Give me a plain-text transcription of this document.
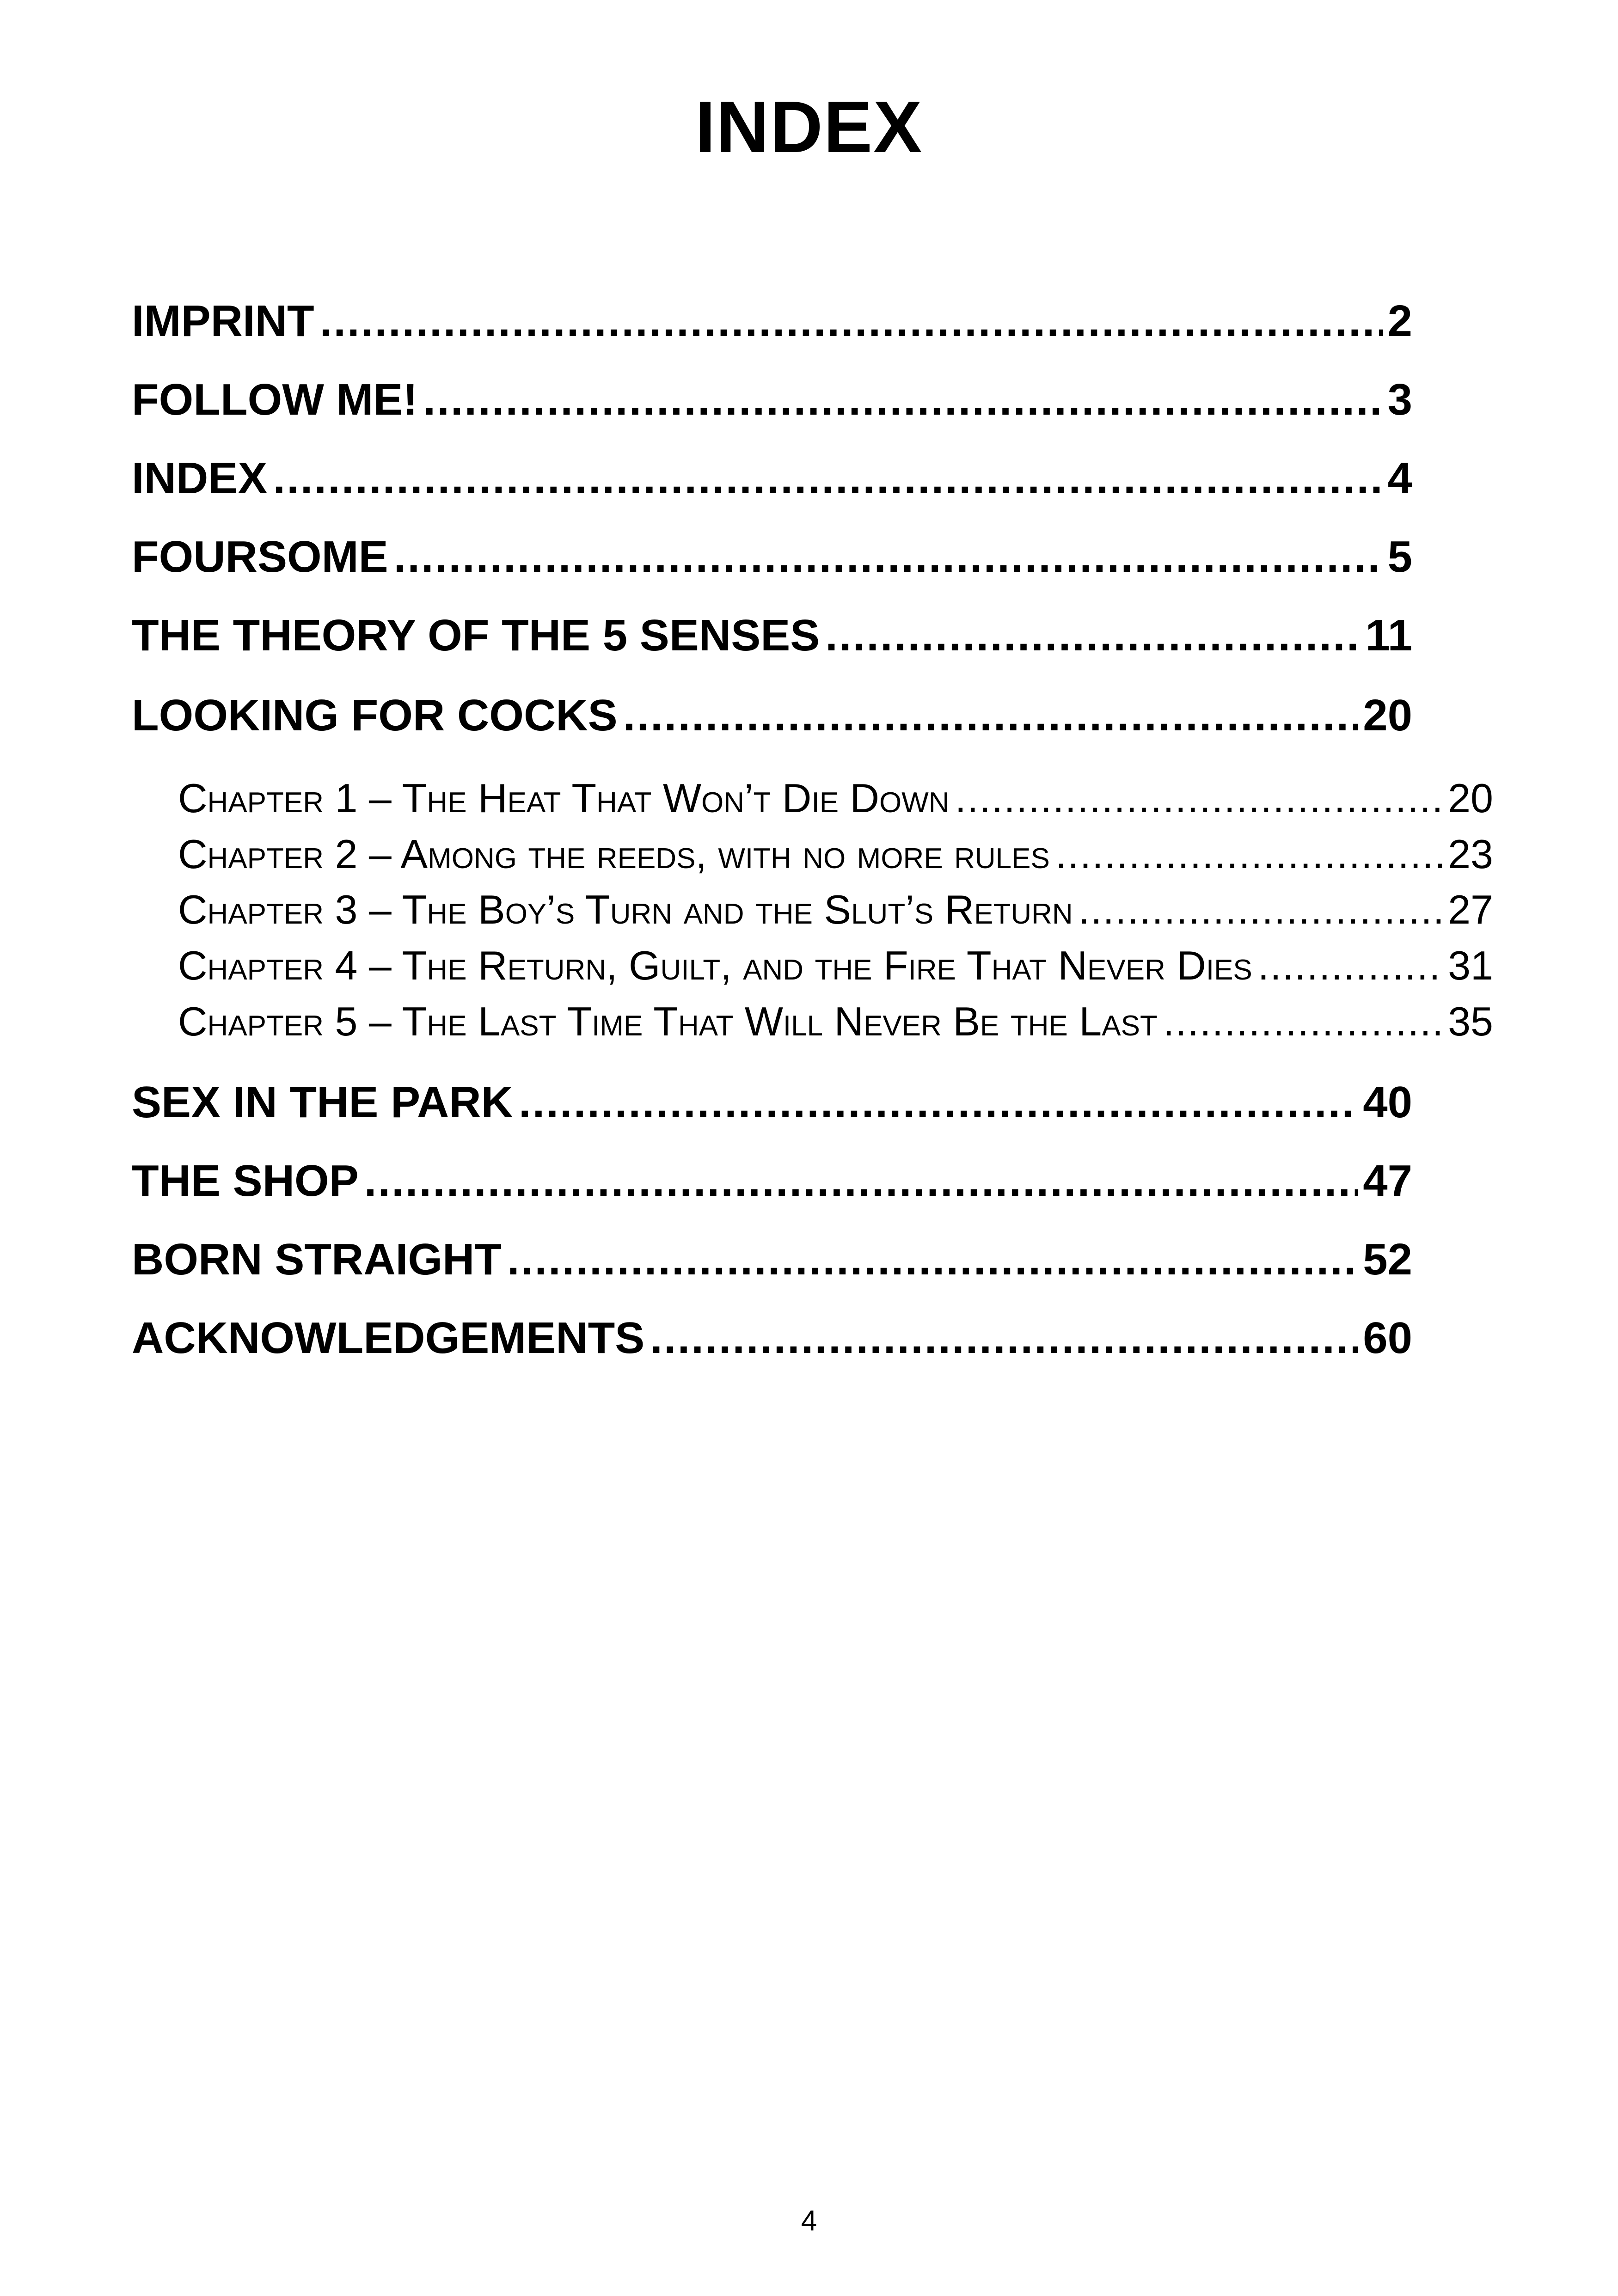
INDEX
IMPRINT .....	2
FOLLOW ME! .....	3
INDEX .....	4
FOURSOME .....	5
THE THEORY OF THE 5 SENSES .....	11
LOOKING FOR COCKS .....	20
Chapter 1 – The Heat That Won’t Die Down .....	20
Chapter 2 – Among the reeds, with no more rules .....	23
Chapter 3 – The Boy’s Turn and the Slut’s Return .....	27
Chapter 4 – The Return, Guilt, and the Fire That Never Dies .....	31
Chapter 5 – The Last Time That Will Never Be the Last .....	35
SEX IN THE PARK .....	40
THE SHOP .....	47
BORN STRAIGHT .....	52
ACKNOWLEDGEMENTS .....	60
4
